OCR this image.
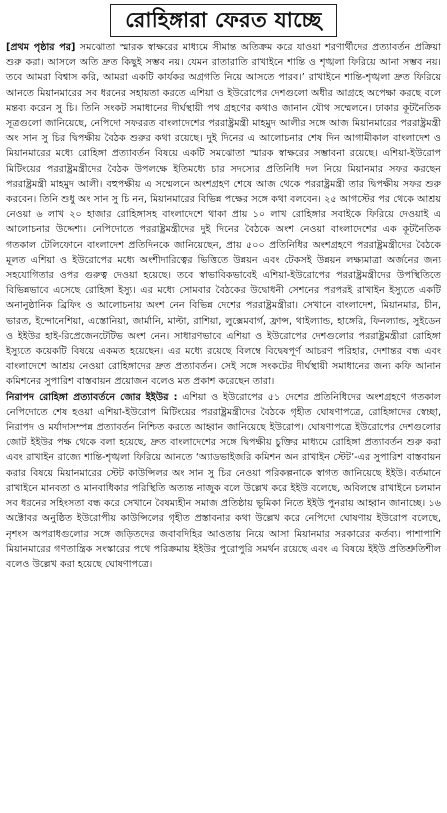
রোহিঙ্গারা ফেরত যাচ্ছে

[প্রথম পৃষ্ঠার পর] সমঝোতা স্মারক স্বাক্ষরের মাধ্যমে সীমান্ত অতিক্রম করে যাওয়া শরণার্থীদের প্রত্যাবর্তন প্রক্রিয়া শুরু করা। আসলে অতি দ্রুত কিছুই সম্ভব নয়। যেমন রাতারাতি রাখাইনে শান্তি ও শৃঙ্খলা ফিরিয়ে আনা সম্ভব নয়। তবে আমরা বিশ্বাস করি, আমরা একটি কার্যকর অগ্রগতি নিয়ে আসতে পারব।’ রাখাইনে শান্তি-শৃঙ্খলা দ্রুত ফিরিয়ে আনতে মিয়ানমারের সব ধরনের সহায়তা করতে এশিয়া ও ইউরোপের দেশগুলো অধীর আগ্রহে অপেক্ষা করছে বলে মন্তব্য করেন সু চি। তিনি সংকট সমাধানের দীর্ঘস্থায়ী পথ গ্রহণের কথাও জানান যৌথ সম্মেলনে। ঢাকার কূটনৈতিক সূত্রগুলো জানিয়েছে, নেপিদো সফররত বাংলাদেশের পররাষ্ট্রমন্ত্রী মাহমুদ আলীর সঙ্গে আজ মিয়ানমারের পররাষ্ট্রমন্ত্রী অং সান সু চির দ্বিপক্ষীয় বৈঠক শুরুর কথা রয়েছে। দুই দিনের এ আলোচনার শেষ দিন আগামীকাল বাংলাদেশ ও মিয়ানমারের মধ্যে রোহিঙ্গা প্রত্যাবর্তন বিষয়ে একটি সমঝোতা স্মারক স্বাক্ষরের সম্ভাবনা রয়েছে। এশিয়া-ইউরোপ মিটিংয়ের পররাষ্ট্রমন্ত্রীদের বৈঠক উপলক্ষে ইতিমধ্যে চার সদস্যের প্রতিনিধি দল নিয়ে মিয়ানমার সফর করছেন পররাষ্ট্রমন্ত্রী মাহমুদ আলী। বহুপক্ষীয় এ সম্মেলনে অংশগ্রহণ শেষে আজ থেকে পররাষ্ট্রমন্ত্রী তার দ্বিপক্ষীয় সফর শুরু করবেন। তিনি শুধু অং সান সু চি নন, মিয়ানমারের বিভিন্ন পক্ষের সঙ্গে কথা বলবেন। ২৫ আগস্টের পর থেকে আশ্রয় নেওয়া ৬ লাখ ২০ হাজার রোহিঙ্গাসহ বাংলাদেশে থাকা প্রায় ১০ লাখ রোহিঙ্গার সবাইকে ফিরিয়ে দেওয়াই এ আলোচনার উদ্দেশ্য। নেপিদোতে পররাষ্ট্রমন্ত্রীদের দুই দিনের বৈঠকে অংশ নেওয়া বাংলাদেশের এক কূটনৈতিক গতকাল টেলিফোনে বাংলাদেশ প্রতিদিনকে জানিয়েছেন, প্রায় ৫০০ প্রতিনিধির অংশগ্রহণে পররাষ্ট্রমন্ত্রীদের বৈঠকে মূলত এশিয়া ও ইউরোপের মধ্যে অংশীদারিত্বের ভিত্তিতে উন্নয়ন এবং টেকসই উন্নয়ন লক্ষ্যমাত্রা অর্জনের জন্য সহযোগিতার ওপর গুরুত্ব দেওয়া হয়েছে। তবে স্বাভাবিকভাবেই এশিয়া-ইউরোপের পররাষ্ট্রমন্ত্রীদের উপস্থিতিতে বিভিন্নভাবে এসেছে রোহিঙ্গা ইস্যু। এর মধ্যে সোমবার বৈঠকের উদ্বোধনী সেশনের পরপরই রাখাইন ইস্যুতে একটি অনানুষ্ঠানিক ব্রিফিং ও আলোচনায় অংশ নেন বিভিন্ন দেশের পররাষ্ট্রমন্ত্রীরা। সেখানে বাংলাদেশ, মিয়ানমার, চীন, ভারত, ইন্দোনেশিয়া, এস্তোনিয়া, জার্মানি, মাল্টা, রাশিয়া, লুক্সেমবার্গ, ফ্রান্স, থাইল্যান্ড, হাঙ্গেরি, ফিনল্যান্ড, সুইডেন ও ইইউর হাই-রিপ্রেজেনটেটিভ অংশ নেন। সাধারণভাবে এশিয়া ও ইউরোপের দেশগুলোর পররাষ্ট্রমন্ত্রীরা রোহিঙ্গা ইস্যুতে কয়েকটি বিষয়ে একমত হয়েছেন। এর মধ্যে রয়েছে বিলম্বে বিদ্বেষপূর্ণ আচরণ পরিহার, দেশান্তর বন্ধ এবং বাংলাদেশে আশ্রয় নেওয়া রোহিঙ্গাদের দ্রুত প্রত্যাবর্তন। সেই সঙ্গে সংকটের দীর্ঘস্থায়ী সমাধানের জন্য কফি আনান কমিশনের সুপারিশ বাস্তবায়ন প্রয়োজন বলেও মত প্রকাশ করেছেন তারা।

নিরাপদ রোহিঙ্গা প্রত্যাবর্তনে জোর ইইউর : এশিয়া ও ইউরোপের ৫১ দেশের প্রতিনিধিদের অংশগ্রহণে গতকাল নেপিদোতে শেষ হওয়া এশিয়া-ইউরোপ মিটিংয়ের পররাষ্ট্রমন্ত্রীদের বৈঠকে গৃহীত ঘোষণাপত্রে, রোহিঙ্গাদের স্বেচ্ছা, নিরাপদ ও মর্যাদাসম্পন্ন প্রত্যাবর্তন নিশ্চিত করতে আহ্বান জানিয়েছে ইউরোপ। ঘোষণাপত্রে ইউরোপের দেশগুলোর জোট ইইউর পক্ষ থেকে বলা হয়েছে, দ্রুত বাংলাদেশের সঙ্গে দ্বিপক্ষীয় চুক্তির মাধ্যমে রোহিঙ্গা প্রত্যাবর্তন শুরু করা এবং রাখাইন রাজ্যে শান্তি-শৃঙ্খলা ফিরিয়ে আনতে ‘অ্যাডভাইজরি কমিশন অন রাখাইন স্টেট’-এর সুপারিশ বাস্তবায়ন করার বিষয়ে মিয়ানমারের স্টেট কাউন্সিলর অং সান সু চির নেওয়া পরিকল্পনাকে স্বাগত জানিয়েছে ইইউ। বর্তমানে রাখাইনে মানবতা ও মানবাধিকার পরিস্থিতি অত্যন্ত নাজুক বলে উল্লেখ করে ইইউ বলেছে, অবিলম্বে রাখাইনে চলমান সব ধরনের সহিংসতা বন্ধ করে সেখানে বৈষম্যহীন সমাজ প্রতিষ্ঠায় ভূমিকা নিতে ইইউ পুনরায় আহ্বান জানাচ্ছে। ১৬ অক্টোবর অনুষ্ঠিত ইউরোপীয় কাউন্সিলের গৃহীত প্রস্তাবনার কথা উল্লেখ করে নেপিদো ঘোষণায় ইউরোপ বলেছে, নৃশংস অপরাধগুলোর সঙ্গে জড়িতদের জবাবদিহির আওতায় নিয়ে আসা মিয়ানমার সরকারের কর্তব্য। পাশাপাশি মিয়ানমারের গণতান্ত্রিক সংস্কারের পথে পরিক্রমায় ইইউর পুরোপুরি সমর্থন রয়েছে এবং এ বিষয়ে ইইউ প্রতিশ্রুতিশীল বলেও উল্লেখ করা হয়েছে ঘোষণাপত্রে।
